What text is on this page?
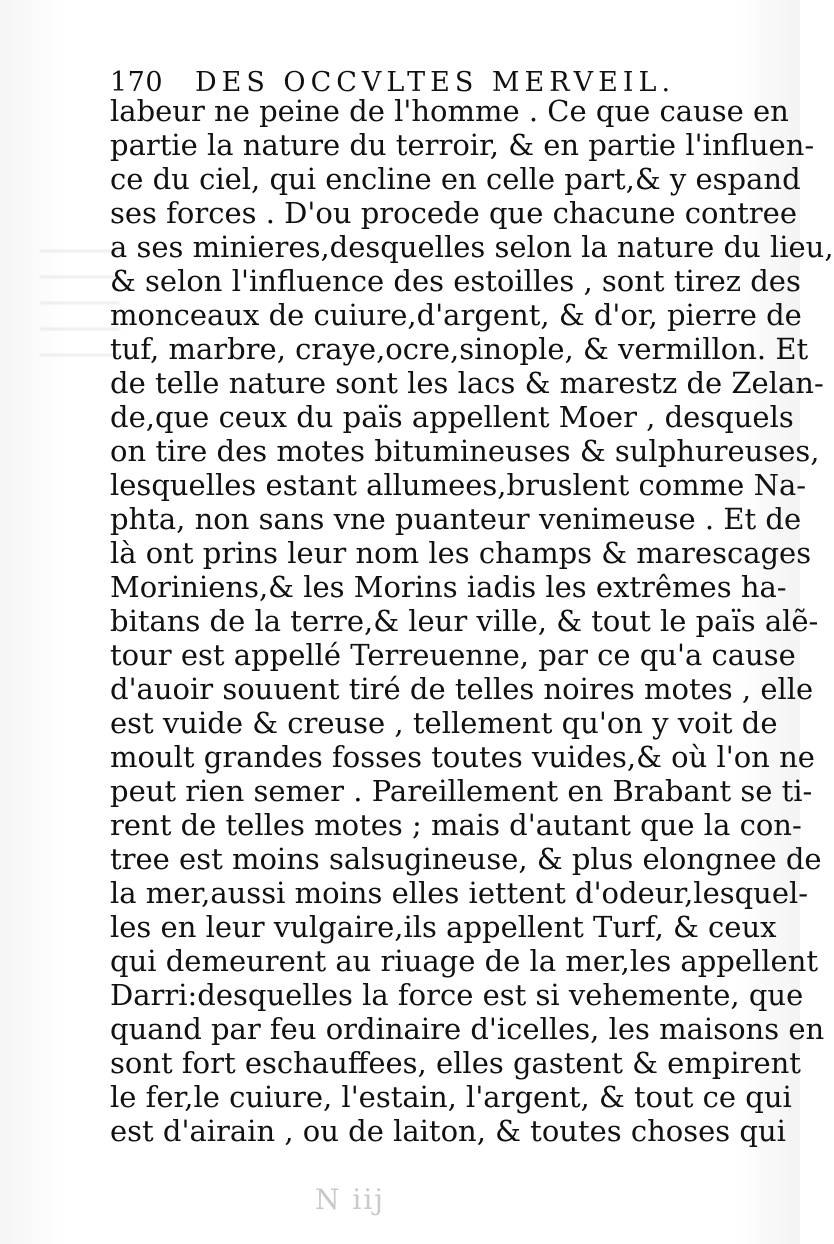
170 DES OCCVLTES MERVEIL.
labeur ne peine de l'homme . Ce que cause en
partie la nature du terroir, & en partie l'influen-
ce du ciel, qui encline en celle part,& y espand
ses forces . D'ou procede que chacune contree
a ses minieres,desquelles selon la nature du lieu,
& selon l'influence des estoilles , sont tirez des
monceaux de cuiure,d'argent, & d'or, pierre de
tuf, marbre, craye,ocre,sinople, & vermillon. Et
de telle nature sont les lacs & marestz de Zelan-
de,que ceux du païs appellent Moer , desquels
on tire des motes bitumineuses & sulphureuses,
lesquelles estant allumees,bruslent comme Na-
phta, non sans vne puanteur venimeuse . Et de
là ont prins leur nom les champs & marescages
Moriniens,& les Morins iadis les extrêmes ha-
bitans de la terre,& leur ville, & tout le païs alẽ-
tour est appellé Terreuenne, par ce qu'a cause
d'auoir souuent tiré de telles noires motes , elle
est vuide & creuse , tellement qu'on y voit de
moult grandes fosses toutes vuides,& où l'on ne
peut rien semer . Pareillement en Brabant se ti-
rent de telles motes ; mais d'autant que la con-
tree est moins salsugineuse, & plus elongnee de
la mer,aussi moins elles iettent d'odeur,lesquel-
les en leur vulgaire,ils appellent Turf, & ceux
qui demeurent au riuage de la mer,les appellent
Darri:desquelles la force est si vehemente, que
quand par feu ordinaire d'icelles, les maisons en
sont fort eschauffees, elles gastent & empirent
le fer,le cuiure, l'estain, l'argent, & tout ce qui
est d'airain , ou de laiton, & toutes choses qui
N iij
